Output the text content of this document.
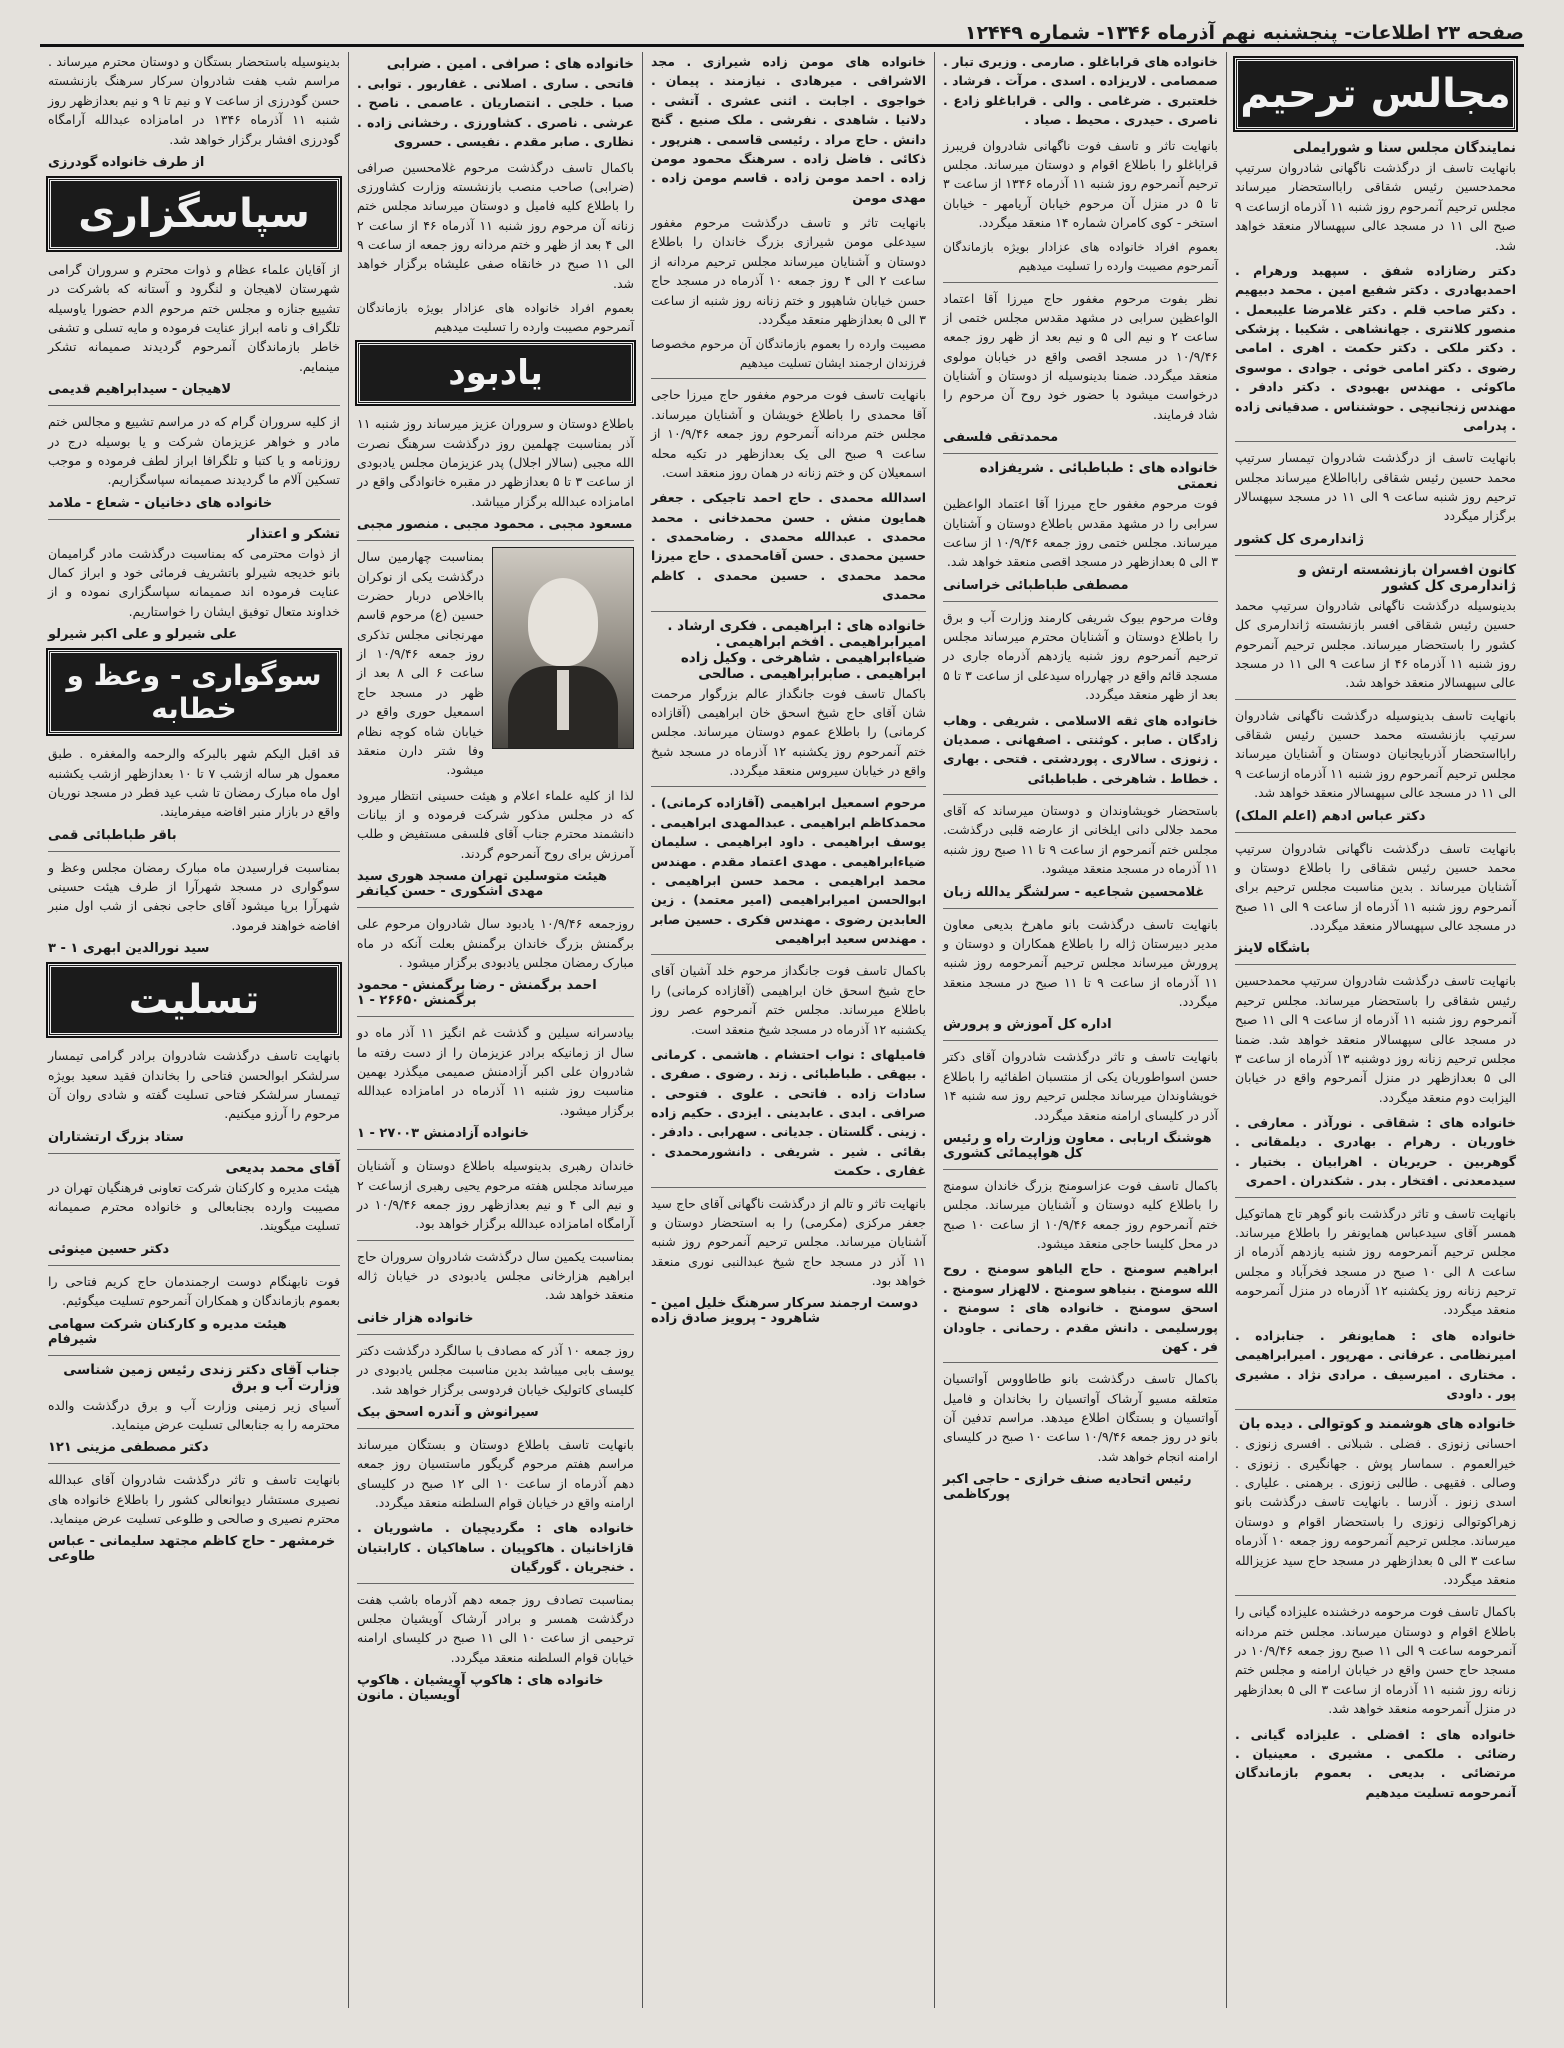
صفحه ۲۳ اطلاعات- پنجشنبه نهم آذرماه ۱۳۴۶- شماره ۱۲۴۴۹
مجالس ترحیم
نمایندگان مجلس سنا و شورایملی

بانهایت تاسف از درگذشت ناگهانی شادروان سرتیپ محمدحسین رئیس شقاقی رابااستحضار میرساند مجلس ترحیم آنمرحوم روز شنبه ۱۱ آذرماه ازساعت ۹ صبح الی ۱۱ در مسجد عالی سپهسالار منعقد خواهد شد.

دکتر رضازاده شفق . سپهبد ورهرام . احمدبهادری . دکتر شفیع امین . محمد دبیهیم . دکتر صاحب قلم . دکتر غلامرضا علیبعمل . منصور کلانتری . جهانشاهی . شکیبا . پزشکی . دکتر ملکی . دکتر حکمت . اهری . امامی رضوی . دکتر امامی خوئی . جوادی . موسوی ماکوئی . مهندس بهبودی . دکتر دادفر . مهندس زنجانیچی . حوشنناس . صدقیانی زاده . پدرامی

بانهایت تاسف از درگذشت شادروان تیمسار سرتیپ محمد حسین رئیس شقاقی رابااطلاع میرساند مجلس ترحیم روز شنبه ساعت ۹ الی ۱۱ در مسجد سپهسالار برگزار میگردد

ژاندارمری کل کشور
کانون افسران بازنشسته ارتش و ژاندارمری کل کشور

بدینوسیله درگذشت ناگهانی شادروان سرتیپ محمد حسین رئیس شقاقی افسر بازنشسته ژاندارمری کل کشور را باستحضار میرساند. مجلس ترحیم آنمرحوم روز شنبه ۱۱ آذرماه ۴۶ از ساعت ۹ الی ۱۱ در مسجد عالی سپهسالار منعقد خواهد شد.

بانهایت تاسف بدینوسیله درگذشت ناگهانی شادروان سرتیپ بازنشسته محمد حسین رئیس شقاقی رابااستحضار آذربایجانیان دوستان و آشنایان میرساند مجلس ترحیم آنمرحوم روز شنبه ۱۱ آذرماه ازساعت ۹ الی ۱۱ در مسجد عالی سپهسالار منعقد خواهد شد.

دکتر عباس ادهم (اعلم الملک)

بانهایت تاسف درگذشت ناگهانی شادروان سرتیپ محمد حسین رئیس شقاقی را باطلاع دوستان و آشنایان میرساند . بدین مناسبت مجلس ترحیم برای آنمرحوم روز شنبه ۱۱ آذرماه از ساعت ۹ الی ۱۱ صبح در مسجد عالی سپهسالار منعقد میگردد.

باشگاه لاینز

بانهایت تاسف درگذشت شادروان سرتیپ محمدحسین رئیس شقاقی را باستحضار میرساند. مجلس ترحیم آنمرحوم روز شنبه ۱۱ آذرماه از ساعت ۹ الی ۱۱ صبح در مسجد عالی سپهسالار منعقد خواهد شد. ضمنا مجلس ترحیم زنانه روز دوشنبه ۱۳ آذرماه از ساعت ۳ الی ۵ بعدازظهر در منزل آنمرحوم واقع در خیابان الیزابت دوم منعقد میگردد.

خانواده های : شقاقی . نورآذر . معارفی . خاوریان . رهرام . بهادری . دیلمقانی . گوهربین . حریریان . اهرابیان . بختیار . سیدمعدنی . افتخار . بدر . شکندران . احمری

بانهایت تاسف و تاثر درگذشت بانو گوهر تاج هماتوکیل همسر آقای سیدعباس همایونفر را باطلاع میرساند. مجلس ترحیم آنمرحومه روز شنبه یازدهم آذرماه از ساعت ۸ الی ۱۰ صبح در مسجد فخرآباد و مجلس ترحیم زنانه روز یکشنبه ۱۲ آذرماه در منزل آنمرحومه منعقد میگردد.

خانواده های : همایونفر . جنابزاده . امیرنظامی . عرفانی . مهرپور . امیرابراهیمی . مختاری . امیرسیف . مرادی نژاد . مشیری پور . داودی

خانواده های هوشمند و کوتوالی . دیده بان

احسانی زنوزی . فضلی . شبلانی . افسری زنوزی . خیرالعموم . سماسار پوش . جهانگیری . زنوزی . وصالی . فقیهی . طالبی زنوزی . برهمنی . علیاری . اسدی زنوز . آذرسا . بانهایت تاسف درگذشت بانو زهراکوتوالی زنوزی را باستحضار اقوام و دوستان میرساند. مجلس ترحیم آنمرحومه روز جمعه ۱۰ آذرماه ساعت ۳ الی ۵ بعدازظهر در مسجد حاج سید عزیزالله منعقد میگردد.

باکمال تاسف فوت مرحومه درخشنده علیزاده گیانی را باطلاع اقوام و دوستان میرساند. مجلس ختم مردانه آنمرحومه ساعت ۹ الی ۱۱ صبح روز جمعه ۱۰/۹/۴۶ در مسجد حاج حسن واقع در خیابان ارامنه و مجلس ختم زنانه روز شنبه ۱۱ آذرماه از ساعت ۳ الی ۵ بعدازظهر در منزل آنمرحومه منعقد خواهد شد.

خانواده های : افضلی . علیزاده گیانی . رضائی . ملکمی . مشیری . معینیان . مرتضائی . بدیعی . بعموم بازماندگان آنمرحومه تسلیت میدهیم

خانواده های قراباغلو . صارمی . وزیری تبار . صمصامی . لاریزاده . اسدی . مرآت . فرشاد . خلعتبری . ضرغامی . والی . قراباغلو زادع . ناصری . حیدری . محیط . صیاد .

بانهایت تاثر و تاسف فوت ناگهانی شادروان فریبرز قراباغلو را باطلاع اقوام و دوستان میرساند. مجلس ترحیم آنمرحوم روز شنبه ۱۱ آذرماه ۱۳۴۶ از ساعت ۳ تا ۵ در منزل آن مرحوم خیابان آریامهر - خیابان استخر - کوی کامران شماره ۱۴ منعقد میگردد.

بعموم افراد خانواده های عزادار بویژه بازماندگان آنمرحوم مصیبت وارده را تسلیت میدهیم

نظر بفوت مرحوم مغفور حاج میرزا آقا اعتماد الواعظین سرابی در مشهد مقدس مجلس ختمی از ساعت ۲ و نیم الی ۵ و نیم بعد از ظهر روز جمعه ۱۰/۹/۴۶ در مسجد اقصی واقع در خیابان مولوی منعقد میگردد. ضمنا بدینوسیله از دوستان و آشنایان درخواست میشود با حضور خود روح آن مرحوم را شاد فرمایند.

محمدتقی فلسفی
خانواده های : طباطبائی . شریفزاده نعمتی

فوت مرحوم مغفور حاج میرزا آقا اعتماد الواعظین سرابی را در مشهد مقدس باطلاع دوستان و آشنایان میرساند. مجلس ختمی روز جمعه ۱۰/۹/۴۶ از ساعت ۳ الی ۵ بعدازظهر در مسجد اقصی منعقد خواهد شد.

مصطفی طباطبائی خراسانی

وفات مرحوم بیوک شریفی کارمند وزارت آب و برق را باطلاع دوستان و آشنایان محترم میرساند مجلس ترحیم آنمرحوم روز شنبه یازدهم آذرماه جاری در مسجد قائم واقع در چهارراه سیدعلی از ساعت ۳ تا ۵ بعد از ظهر منعقد میگردد.

خانواده های ثقه الاسلامی . شریفی . وهاب زادگان . صابر . کوثنتی . اصفهانی . صمدیان . زنوزی . سالاری . پوردشتی . فتحی . بهاری . خطاط . شاهرخی . طباطبائی

باستحضار خویشاوندان و دوستان میرساند که آقای محمد جلالی دانی ایلخانی از عارضه قلبی درگذشت. مجلس ختم آنمرحوم از ساعت ۹ تا ۱۱ صبح روز شنبه ۱۱ آذرماه در مسجد منعقد میشود.

غلامحسین شجاعیه - سرلشگر یدالله زبان

بانهایت تاسف درگذشت بانو ماهرخ بدیعی معاون مدیر دبیرستان ژاله را باطلاع همکاران و دوستان و پرورش میرساند مجلس ترحیم آنمرحومه روز شنبه ۱۱ آذرماه از ساعت ۹ تا ۱۱ صبح در مسجد منعقد میگردد.

اداره کل آموزش و پرورش

بانهایت تاسف و تاثر درگذشت شادروان آقای دکتر حسن اسواطوریان یکی از منتسبان اطفائیه را باطلاع خویشاوندان میرساند مجلس ترحیم روز سه شنبه ۱۴ آذر در کلیسای ارامنه منعقد میگردد.

هوشنگ اربابی . معاون وزارت راه و رئیس کل هواپیمائی کشوری

باکمال تاسف فوت عزاسومنج بزرگ خاندان سومنج را باطلاع کلیه دوستان و آشنایان میرساند. مجلس ختم آنمرحوم روز جمعه ۱۰/۹/۴۶ از ساعت ۱۰ صبح در محل کلیسا حاجی منعقد میشود.

ابراهیم سومنج . حاج الیاهو سومنج . روح الله سومنج . بنیاهو سومنج . لالهزار سومنج . اسحق سومنج . خانواده های : سومنج . پورسلیمی . دانش مقدم . رحمانی . جاودان فر . کهن

باکمال تاسف درگذشت بانو طاطاووس آواتسیان متعلقه مسیو آرشاک آواتسیان را بخاندان و فامیل آواتسیان و بستگان اطلاع میدهد. مراسم تدفین آن بانو در روز جمعه ۱۰/۹/۴۶ ساعت ۱۰ صبح در کلیسای ارامنه انجام خواهد شد.

رئیس اتحادیه صنف خرازی - حاجی اکبر پورکاظمی

خانواده های مومن زاده شیرازی . مجد الاشرافی . میرهادی . نیازمند . پیمان . خواجوی . اجابت . اثنی عشری . آتشی . دلانیا . شاهدی . نفرشی . ملک صنیع . گنج دانش . حاج مراد . رئیسی قاسمی . هنرپور . ذکائی . فاضل زاده . سرهنگ محمود مومن زاده . احمد مومن زاده . قاسم مومن زاده . مهدی مومن

بانهایت تاثر و تاسف درگذشت مرحوم مغفور سیدعلی مومن شیرازی بزرگ خاندان را باطلاع دوستان و آشنایان میرساند مجلس ترحیم مردانه از ساعت ۲ الی ۴ روز جمعه ۱۰ آذرماه در مسجد حاج حسن خیابان شاهپور و ختم زنانه روز شنبه از ساعت ۳ الی ۵ بعدازظهر منعقد میگردد.

مصیبت وارده را بعموم بازماندگان آن مرحوم مخصوصا فرزندان ارجمند ایشان تسلیت میدهیم

بانهایت تاسف فوت مرحوم مغفور حاج میرزا حاجی آقا محمدی را باطلاع خویشان و آشنایان میرساند. مجلس ختم مردانه آنمرحوم روز جمعه ۱۰/۹/۴۶ از ساعت ۹ صبح الی یک بعدازظهر در تکیه محله اسمعیلان کن و ختم زنانه در همان روز منعقد است.

اسدالله محمدی . حاج احمد تاجیکی . جعفر همایون منش . حسن محمدخانی . محمد محمدی . عبدالله محمدی . رضامحمدی . حسین محمدی . حسن آقامحمدی . حاج میرزا محمد محمدی . حسین محمدی . کاظم محمدی

خانواده های : ابراهیمی . فکری ارشاد . امیرابراهیمی . افخم ابراهیمی . ضیاءابراهیمی . شاهرخی . وکیل زاده ابراهیمی . صابرابراهیمی . صالحی

باکمال تاسف فوت جانگداز عالم بزرگوار مرحمت شان آقای حاج شیخ اسحق خان ابراهیمی (آقازاده کرمانی) را باطلاع عموم دوستان میرساند. مجلس ختم آنمرحوم روز یکشنبه ۱۲ آذرماه در مسجد شیخ واقع در خیابان سیروس منعقد میگردد.

مرحوم اسمعیل ابراهیمی (آقازاده کرمانی) . محمدکاظم ابراهیمی . عبدالمهدی ابراهیمی . یوسف ابراهیمی . داود ابراهیمی . سلیمان ضیاءابراهیمی . مهدی اعتماد مقدم . مهندس محمد ابراهیمی . محمد حسن ابراهیمی . ابوالحسن امیرابراهیمی (امیر معتمد) . زین العابدین رضوی . مهندس فکری . حسین صابر . مهندس سعید ابراهیمی

باکمال تاسف فوت جانگداز مرحوم خلد آشیان آقای حاج شیخ اسحق خان ابراهیمی (آقازاده کرمانی) را باطلاع میرساند. مجلس ختم آنمرحوم عصر روز یکشنبه ۱۲ آذرماه در مسجد شیخ منعقد است.

فامیلهای : نواب احتشام . هاشمی . کرمانی . بیهقی . طباطبائی . زند . رضوی . صفری . سادات زاده . فاتحی . علوی . فتوحی . صرافی . ابدی . عابدینی . ایزدی . حکیم زاده . زینی . گلستان . جدیانی . سهرابی . دادفر . بقائی . شیر . شریفی . دانشورمحمدی . غفاری . حکمت

بانهایت تاثر و تالم از درگذشت ناگهانی آقای حاج سید جعفر مرکزی (مکرمی) را به استحضار دوستان و آشنایان میرساند. مجلس ترحیم آنمرحوم روز شنبه ۱۱ آذر در مسجد حاج شیخ عبدالنبی نوری منعقد خواهد بود.

دوست ارجمند سرکار سرهنگ خلیل امین - شاهرود - پرویز صادق زاده
خانواده های : صرافی . امین . ضرابی

فاتحی . ساری . اصلانی . غفاربور . توابی . صبا . خلجی . انتصاریان . عاصمی . ناصح . عرشی . ناصری . کشاورزی . رخشانی زاده . نظاری . صابر مقدم . نفیسی . حسروی

باکمال تاسف درگذشت مرحوم غلامحسین صرافی (ضرابی) صاحب منصب بازنشسته وزارت کشاورزی را باطلاع کلیه فامیل و دوستان میرساند مجلس ختم زنانه آن مرحوم روز شنبه ۱۱ آذرماه ۴۶ از ساعت ۲ الی ۴ بعد از ظهر و ختم مردانه روز جمعه از ساعت ۹ الی ۱۱ صبح در خانقاه صفی علیشاه برگزار خواهد شد.

بعموم افراد خانواده های عزادار بویژه بازماندگان آنمرحوم مصیبت وارده را تسلیت میدهیم

یادبود

باطلاع دوستان و سروران عزیز میرساند روز شنبه ۱۱ آذر بمناسبت چهلمین روز درگذشت سرهنگ نصرت الله مجبی (سالار اجلال) پدر عزیزمان مجلس یادبودی از ساعت ۳ تا ۵ بعدازظهر در مقبره خانوادگی واقع در امامزاده عبدالله برگزار میباشد.

مسعود مجبی . محمود مجبی . منصور مجبی
بمناسبت چهارمین سال درگذشت یکی از نوکران بااخلاص دربار حضرت حسین (ع) مرحوم قاسم مهرنجانی مجلس تذکری روز جمعه ۱۰/۹/۴۶ از ساعت ۶ الی ۸ بعد از ظهر در مسجد حاج اسمعیل حوری واقع در خیابان شاه کوچه نظام وفا شتر دارن منعقد میشود.

لذا از کلیه علماء اعلام و هیئت حسینی انتظار میرود که در مجلس مذکور شرکت فرموده و از بیانات دانشمند محترم جناب آقای فلسفی مستفیض و طلب آمرزش برای روح آنمرحوم گردند.

هیئت متوسلین تهران مسجد هوری سید مهدی اشکوری - حسن کیانفر

روزجمعه ۱۰/۹/۴۶ یادبود سال شادروان مرحوم علی برگمنش بزرگ خاندان برگمنش بعلت آنکه در ماه مبارک رمضان مجلس یادبودی برگزار میشود .

احمد برگمنش - رضا برگمنش - محمود برگمنش ۲۶۶۵۰ - ۱

بیادسرانه سیلین و گذشت غم انگیز ۱۱ آذر ماه دو سال از زمانیکه برادر عزیزمان را از دست رفته ما شادروان علی اکبر آزادمنش صمیمی میگذرد بهمین مناسبت روز شنبه ۱۱ آذرماه در امامزاده عبدالله برگزار میشود.

خانواده آزادمنش ۲۷۰۰۳ - ۱

خاندان رهبری بدینوسیله باطلاع دوستان و آشنایان میرساند مجلس هفته مرحوم یحیی رهبری ازساعت ۲ و نیم الی ۴ و نیم بعدازظهر روز جمعه ۱۰/۹/۴۶ در آرامگاه امامزاده عبدالله برگزار خواهد بود.

بمناسبت یکمین سال درگذشت شادروان سروران حاج ابراهیم هزارخانی مجلس یادبودی در خیابان ژاله منعقد خواهد شد.

خانواده هزار خانی

روز جمعه ۱۰ آذر که مصادف با سالگرد درگذشت دکتر یوسف بابی میباشد بدین مناسبت مجلس یادبودی در کلیسای کاتولیک خیابان فردوسی برگزار خواهد شد.

سیرانوش و آندره اسحق بیک

بانهایت تاسف باطلاع دوستان و بستگان میرساند مراسم هفتم مرحوم گریگور ماستسیان روز جمعه دهم آذرماه از ساعت ۱۰ الی ۱۲ صبح در کلیسای ارامنه واقع در خیابان قوام السلطنه منعقد میگردد.

خانواده های : مگردیچیان . ماشوریان . قازاخانیان . هاکوپیان . ساهاکیان . کارابتیان . خنجریان . گورگیان

بمناسبت تصادف روز جمعه دهم آذرماه باشب هفت درگذشت همسر و برادر آرشاک آویشیان مجلس ترحیمی از ساعت ۱۰ الی ۱۱ صبح در کلیسای ارامنه خیابان قوام السلطنه منعقد میگردد.

خانواده های : هاکوپ آویشیان . هاکوپ آویسیان . مانون

بدینوسیله باستحضار بستگان و دوستان محترم میرساند . مراسم شب هفت شادروان سرکار سرهنگ بازنشسته حسن گودرزی از ساعت ۷ و نیم تا ۹ و نیم بعدازظهر روز شنبه ۱۱ آذرماه ۱۳۴۶ در امامزاده عبدالله آرامگاه گودرزی افشار برگزار خواهد شد.

از طرف خانواده گودرزی
سپاسگزاری

از آقایان علماء عظام و ذوات محترم و سروران گرامی شهرستان لاهیجان و لنگرود و آستانه که باشرکت در تشییع جنازه و مجلس ختم مرحوم الدم حضورا یاوسیله تلگراف و نامه ابراز عنایت فرموده و مایه تسلی و تشفی خاطر بازماندگان آنمرحوم گردیدند صمیمانه تشکر مینمایم.

لاهیجان - سیدابراهیم قدیمی

از کلیه سروران گرام که در مراسم تشییع و مجالس ختم مادر و خواهر عزیزمان شرکت و یا بوسیله درج در روزنامه و یا کتبا و تلگرافا ابراز لطف فرموده و موجب تسکین آلام ما گردیدند صمیمانه سپاسگزاریم.

خانواده های دخانیان - شعاع - ملامد
تشکر و اعتذار

از ذوات محترمی که بمناسبت درگذشت مادر گرامیمان بانو خدیجه شیرلو باتشریف فرمائی خود و ابراز کمال عنایت فرموده اند صمیمانه سپاسگزاری نموده و از خداوند متعال توفیق ایشان را خواستاریم.

علی شیرلو و علی اکبر شیرلو
سوگواری - وعظ و خطابه

قد اقبل الیکم شهر بالبرکه والرحمه والمغفره . طبق معمول هر ساله ازشب ۷ تا ۱۰ بعدازظهر ازشب یکشنبه اول ماه مبارک رمضان تا شب عید فطر در مسجد نوریان واقع در بازار منبر افاضه میفرمایند.

باقر طباطبائی قمی

بمناسبت فرارسیدن ماه مبارک رمضان مجلس وعظ و سوگواری در مسجد شهرآرا از طرف هیئت حسینی شهرآرا برپا میشود آقای حاجی نجفی از شب اول منبر افاضه خواهند فرمود.

سید نورالدین ابهری ۱ - ۳
تسلیت

بانهایت تاسف درگذشت شادروان برادر گرامی تیمسار سرلشکر ابوالحسن فتاحی را بخاندان فقید سعید بویژه تیمسار سرلشکر فتاحی تسلیت گفته و شادی روان آن مرحوم را آرزو میکنیم.

ستاد بزرگ ارتشتاران
آقای محمد بدیعی

هیئت مدیره و کارکنان شرکت تعاونی فرهنگیان تهران در مصیبت وارده بجنابعالی و خانواده محترم صمیمانه تسلیت میگویند.

دکتر حسین مینوئی

فوت نابهنگام دوست ارجمندمان حاج کریم فتاحی را بعموم بازماندگان و همکاران آنمرحوم تسلیت میگوئیم.

هیئت مدیره و کارکنان شرکت سهامی شیرفام
جناب آقای دکتر زندی رئیس زمین شناسی وزارت آب و برق

آسیای زیر زمینی وزارت آب و برق درگذشت والده محترمه را به جنابعالی تسلیت عرض مینماید.

دکتر مصطفی مزینی ۱۲۱

بانهایت تاسف و تاثر درگذشت شادروان آقای عبدالله نصیری مستشار دیوانعالی کشور را باطلاع خانواده های محترم نصیری و صالحی و طلوعی تسلیت عرض مینماید.

خرمشهر - حاج کاظم مجتهد سلیمانی - عباس طاوعی
